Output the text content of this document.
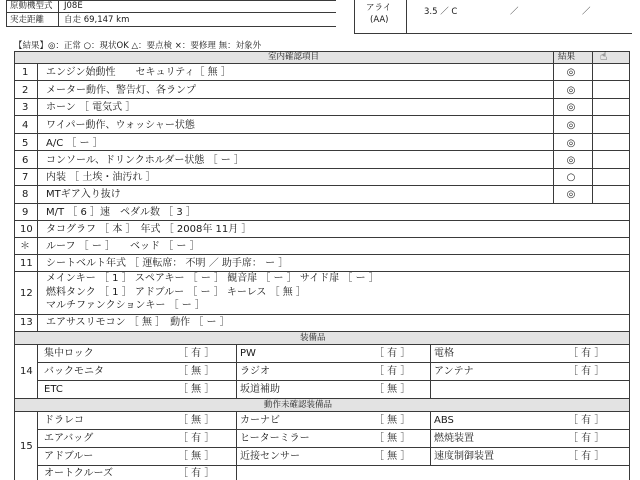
原動機型式 J08E
実走距離 自走 69,147 km
アライ
(AA)
3.5 ／ C	／	／
【結果】◎：正常 ○：現状OK △：要点検 ×：要修理 無：対象外
室内確認項目	結果 ☝
1 エンジン始動性　　セキュリティ［ 無 ］	◎
2 メーター動作、警告灯、各ランプ	◎
3 ホーン ［ 電気式 ］	◎
4 ワイパー動作、ウォッシャー状態	◎
5 A/C ［ ー ］	◎
6 コンソール、ドリンクホルダー状態 ［ ー ］	◎
7 内装 ［ 土埃・油汚れ ］	○
8 MTギア入り抜け	◎
9 M/T ［ 6 ］速　ペダル数 ［ 3 ］
10 タコグラフ ［ 本 ］　年式 ［ 2008年 11月 ］
＊ ルーフ ［ ー ］　　ベッド ［ ー ］
11 シートベルト年式 ［ 運転席： 不明 ／ 助手席： ー ］
12
メインキー ［ 1 ］ スペアキー ［ ー ］ 観音扉 ［ ー ］ サイド扉 ［ ー ］
燃料タンク ［ 1 ］ アドブルー ［ ー ］ キーレス ［ 無 ］
マルチファンクションキー ［ ー ］
13 エアサスリモコン ［ 無 ］　動作 ［ ー ］
装備品
14
集中ロック	［ 有 ］	PW	［ 有 ］ 電格	［ 有 ］
バックモニタ	［ 無 ］	ラジオ	［ 有 ］ アンテナ	［ 有 ］
ETC	［ 無 ］	坂道補助	［ 無 ］
動作未確認装備品
15
ドラレコ	［ 無 ］	カーナビ	［ 無 ］ ABS	［ 有 ］
エアバッグ	［ 有 ］	ヒーターミラー	［ 無 ］ 燃焼装置	［ 有 ］
アドブルー	［ 無 ］	近接センサー	［ 無 ］ 速度制御装置	［ 有 ］
オートクルーズ	［ 有 ］
